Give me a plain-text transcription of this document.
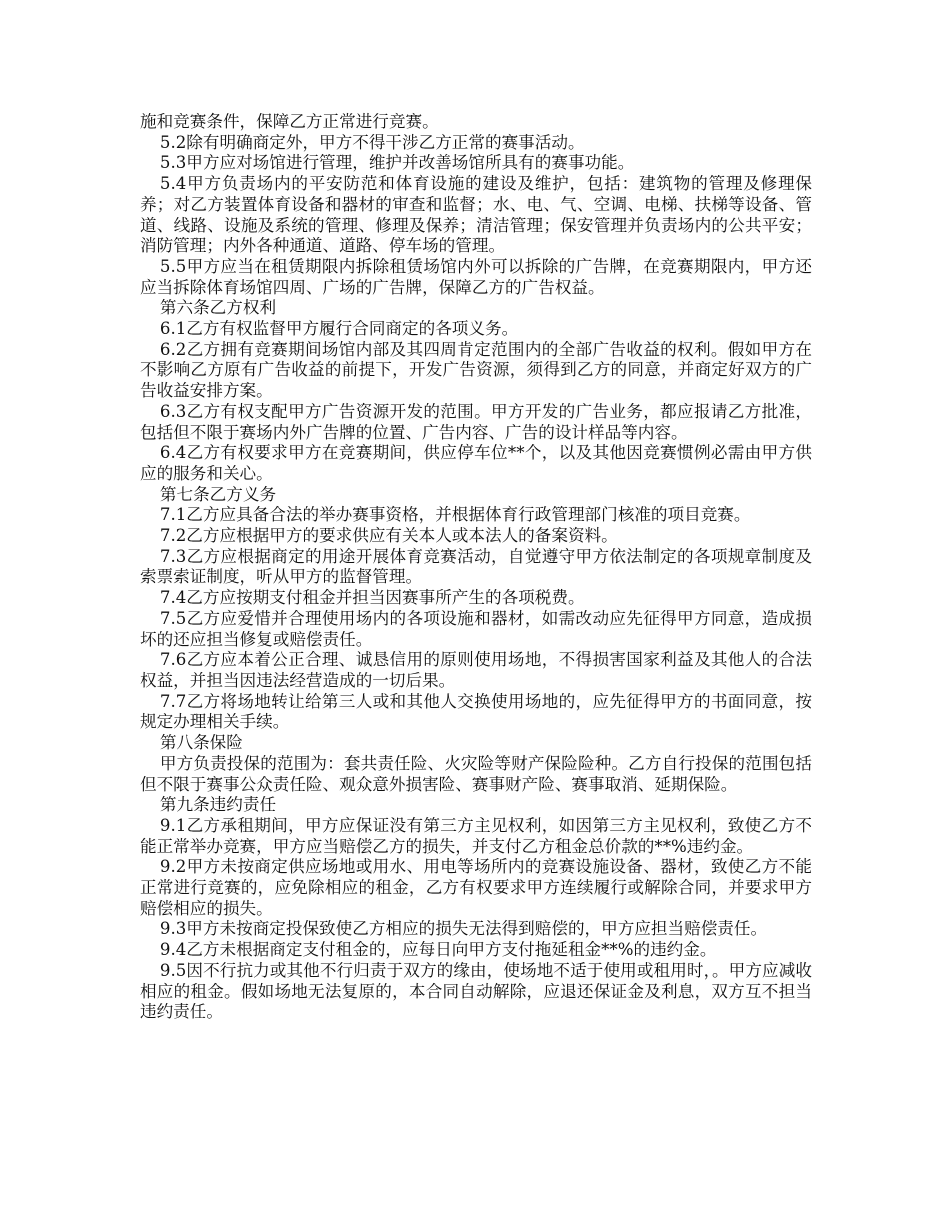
施和竞赛条件，保障乙方正常进行竞赛。

5.2除有明确商定外，甲方不得干涉乙方正常的赛事活动。

5.3甲方应对场馆进行管理，维护并改善场馆所具有的赛事功能。

5.4甲方负责场内的平安防范和体育设施的建设及维护，包括：建筑物的管理及修理保养；对乙方装置体育设备和器材的审查和监督；水、电、气、空调、电梯、扶梯等设备、管道、线路、设施及系统的管理、修理及保养；清洁管理；保安管理并负责场内的公共平安；消防管理；内外各种通道、道路、停车场的管理。

5.5甲方应当在租赁期限内拆除租赁场馆内外可以拆除的广告牌，在竞赛期限内，甲方还应当拆除体育场馆四周、广场的广告牌，保障乙方的广告权益。

第六条乙方权利

6.1乙方有权监督甲方履行合同商定的各项义务。

6.2乙方拥有竞赛期间场馆内部及其四周肯定范围内的全部广告收益的权利。假如甲方在不影响乙方原有广告收益的前提下，开发广告资源，须得到乙方的同意，并商定好双方的广告收益安排方案。

6.3乙方有权支配甲方广告资源开发的范围。甲方开发的广告业务，都应报请乙方批准，包括但不限于赛场内外广告牌的位置、广告内容、广告的设计样品等内容。

6.4乙方有权要求甲方在竞赛期间，供应停车位**个，以及其他因竞赛惯例必需由甲方供应的服务和关心。

第七条乙方义务

7.1乙方应具备合法的举办赛事资格，并根据体育行政管理部门核准的项目竞赛。

7.2乙方应根据甲方的要求供应有关本人或本法人的备案资料。

7.3乙方应根据商定的用途开展体育竞赛活动，自觉遵守甲方依法制定的各项规章制度及索票索证制度，听从甲方的监督管理。

7.4乙方应按期支付租金并担当因赛事所产生的各项税费。

7.5乙方应爱惜并合理使用场内的各项设施和器材，如需改动应先征得甲方同意，造成损坏的还应担当修复或赔偿责任。

7.6乙方应本着公正合理、诚恳信用的原则使用场地，不得损害国家利益及其他人的合法权益，并担当因违法经营造成的一切后果。

7.7乙方将场地转让给第三人或和其他人交换使用场地的，应先征得甲方的书面同意，按规定办理相关手续。

第八条保险

甲方负责投保的范围为：套共责任险、火灾险等财产保险险种。乙方自行投保的范围包括但不限于赛事公众责任险、观众意外损害险、赛事财产险、赛事取消、延期保险。

第九条违约责任

9.1乙方承租期间，甲方应保证没有第三方主见权利，如因第三方主见权利，致使乙方不能正常举办竞赛，甲方应当赔偿乙方的损失，并支付乙方租金总价款的**%违约金。

9.2甲方未按商定供应场地或用水、用电等场所内的竞赛设施设备、器材，致使乙方不能正常进行竞赛的，应免除相应的租金，乙方有权要求甲方连续履行或解除合同，并要求甲方赔偿相应的损失。

9.3甲方未按商定投保致使乙方相应的损失无法得到赔偿的，甲方应担当赔偿责任。

9.4乙方未根据商定支付租金的，应每日向甲方支付拖延租金**%的违约金。

9.5因不行抗力或其他不行归责于双方的缘由，使场地不适于使用或租用时，。甲方应减收相应的租金。假如场地无法复原的，本合同自动解除，应退还保证金及利息，双方互不担当违约责任。
